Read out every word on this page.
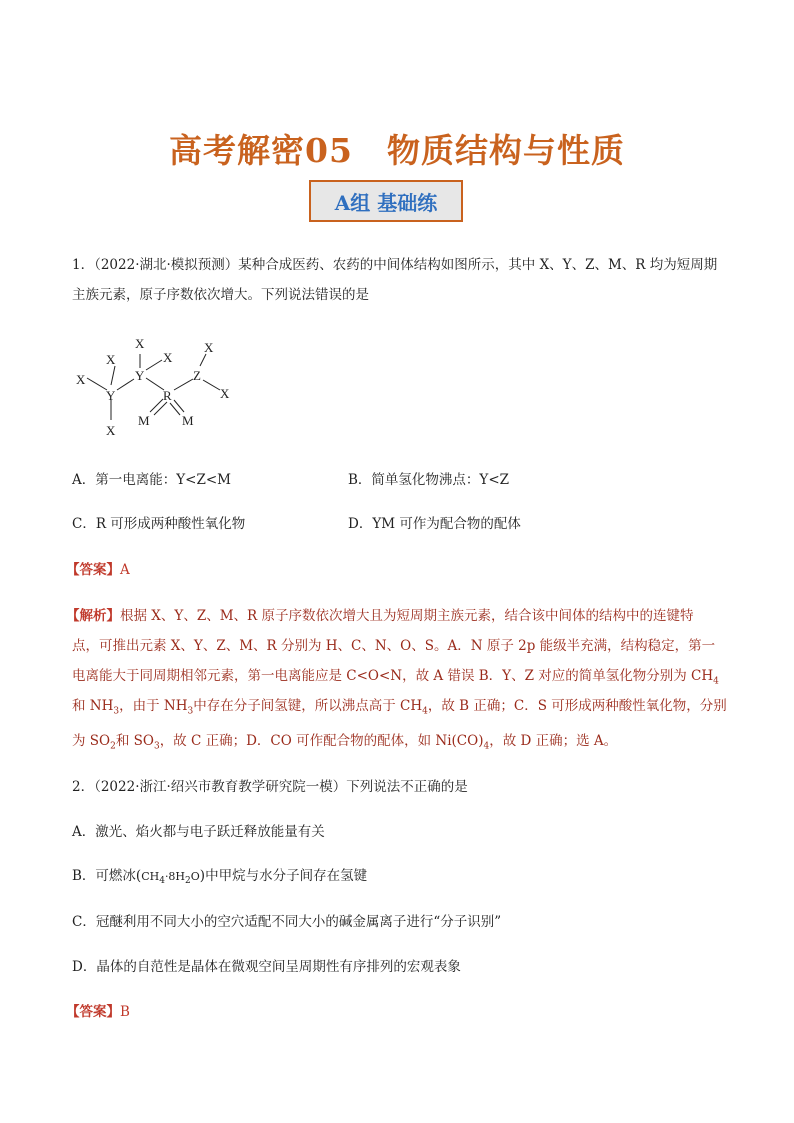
高考解密05　物质结构与性质
A组 基础练
1．（2022·湖北·模拟预测）某种合成医药、农药的中间体结构如图所示，其中 X、Y、Z、M、R 均为短周期
主族元素，原子序数依次增大。下列说法错误的是
X
X
X
X
X
Y
Y
X
Z
X
R
M M
A．第一电离能：Y<Z<M	B．简单氢化物沸点：Y<Z
C．R 可形成两种酸性氧化物	D．YM 可作为配合物的配体
【答案】A
【解析】根据 X、Y、Z、M、R 原子序数依次增大且为短周期主族元素，结合该中间体的结构中的连键特
点，可推出元素 X、Y、Z、M、R 分别为 H、C、N、O、S。A．N 原子 2p 能级半充满，结构稳定，第一
电离能大于同周期相邻元素，第一电离能应是 C<O<N，故 A 错误 B．Y、Z 对应的简单氢化物分别为 $CH_4$
和 $NH_3$，由于 $NH_3$中存在分子间氢键，所以沸点高于 $CH_4$，故 B 正确；C．S 可形成两种酸性氧化物，分别
为 $SO_2$和 $SO_3$，故 C 正确；D．CO 可作配合物的配体，如 $Ni(CO)_4$，故 D 正确；选 A。
2．（2022·浙江·绍兴市教育教学研究院一模）下列说法不正确的是
A．激光、焰火都与电子跃迁释放能量有关
B．可燃冰$(CH_4\cdot 8H_2O)$中甲烷与水分子间存在氢键
C．冠醚利用不同大小的空穴适配不同大小的碱金属离子进行“分子识别”
D．晶体的自范性是晶体在微观空间呈周期性有序排列的宏观表象
【答案】B
